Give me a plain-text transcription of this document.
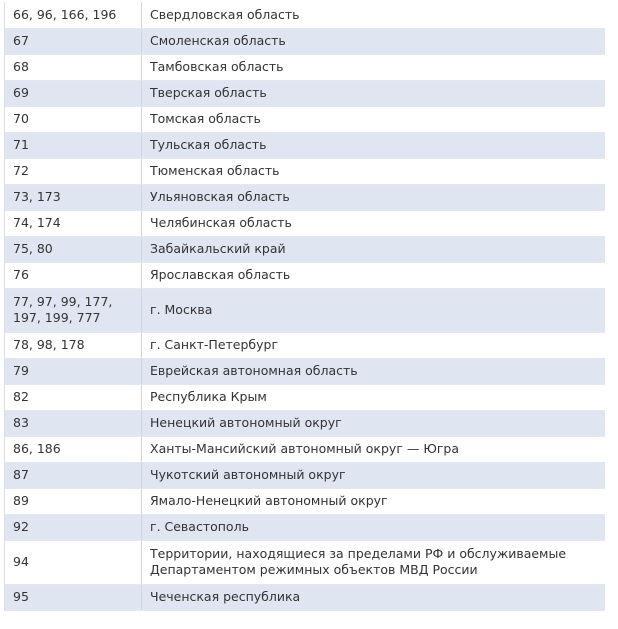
66, 96, 166, 196	Свердловская область
67	Смоленская область
68	Тамбовская область
69	Тверская область
70	Томская область
71	Тульская область
72	Тюменская область
73, 173	Ульяновская область
74, 174	Челябинская область
75, 80	Забайкальский край
76	Ярославская область
77, 97, 99, 177, 197, 199, 777	г. Москва
78, 98, 178	г. Санкт-Петербург
79	Еврейская автономная область
82	Республика Крым
83	Ненецкий автономный округ
86, 186	Ханты-Мансийский автономный округ — Югра
87	Чукотский автономный округ
89	Ямало-Ненецкий автономный округ
92	г. Севастополь
94	Территории, находящиеся за пределами РФ и обслуживаемые Департаментом режимных объектов МВД России
95	Чеченская республика
